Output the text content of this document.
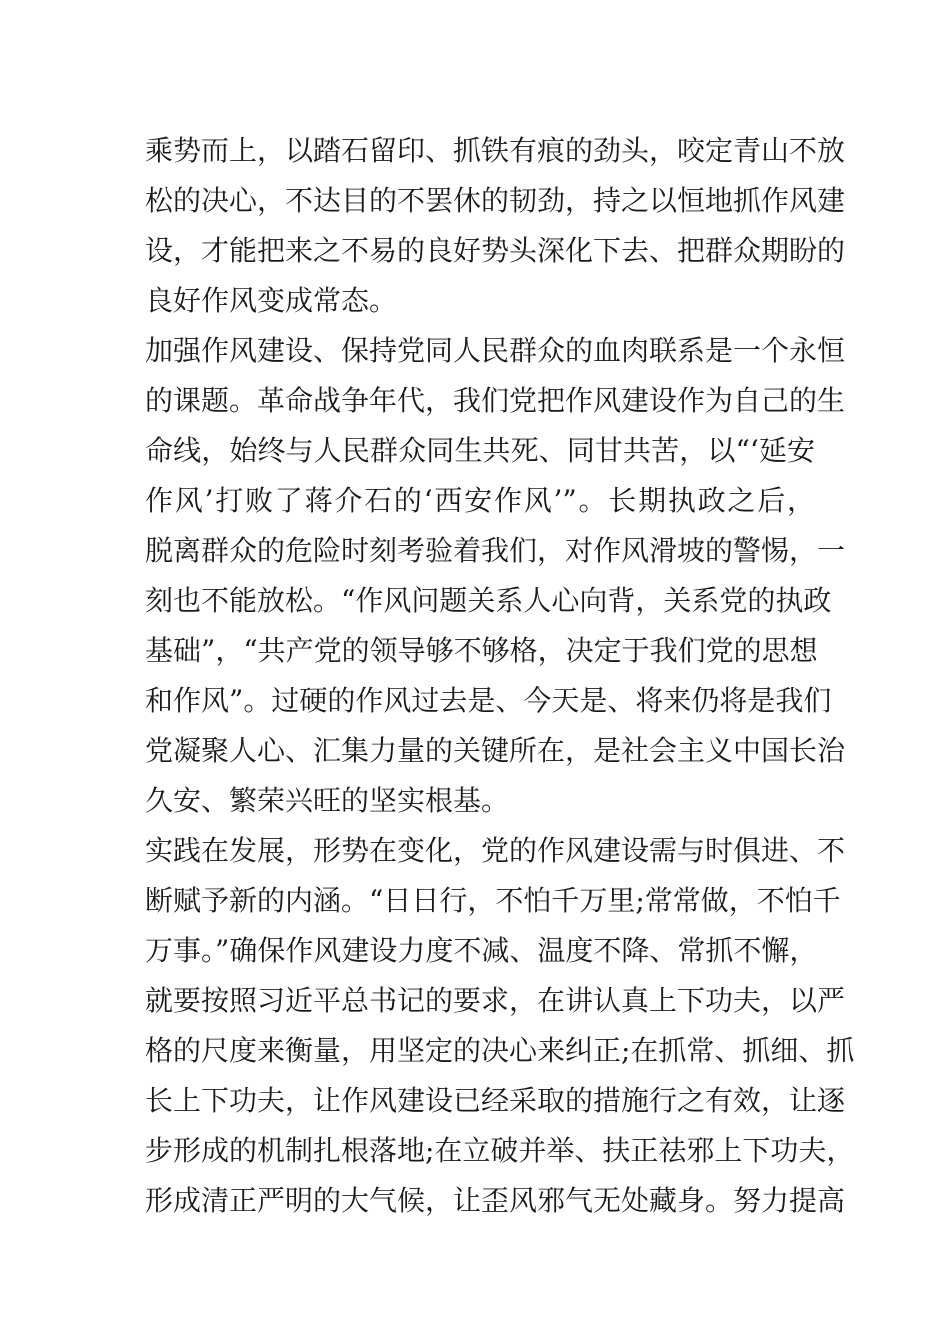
乘势而上，以踏石留印、抓铁有痕的劲头，咬定青山不放
松的决心，不达目的不罢休的韧劲，持之以恒地抓作风建
设，才能把来之不易的良好势头深化下去、把群众期盼的
良好作风变成常态。
加强作风建设、保持党同人民群众的血肉联系是一个永恒
的课题。革命战争年代，我们党把作风建设作为自己的生
命线，始终与人民群众同生共死、同甘共苦，以“‘延安
作风’打败了蒋介石的‘西安作风’”。长期执政之后，
脱离群众的危险时刻考验着我们，对作风滑坡的警惕，一
刻也不能放松。“作风问题关系人心向背，关系党的执政
基础”，“共产党的领导够不够格，决定于我们党的思想
和作风”。过硬的作风过去是、今天是、将来仍将是我们
党凝聚人心、汇集力量的关键所在，是社会主义中国长治
久安、繁荣兴旺的坚实根基。
实践在发展，形势在变化，党的作风建设需与时俱进、不
断赋予新的内涵。“日日行，不怕千万里;常常做，不怕千
万事。”确保作风建设力度不减、温度不降、常抓不懈，
就要按照习近平总书记的要求，在讲认真上下功夫，以严
格的尺度来衡量，用坚定的决心来纠正;在抓常、抓细、抓
长上下功夫，让作风建设已经采取的措施行之有效，让逐
步形成的机制扎根落地;在立破并举、扶正祛邪上下功夫，
形成清正严明的大气候，让歪风邪气无处藏身。努力提高
